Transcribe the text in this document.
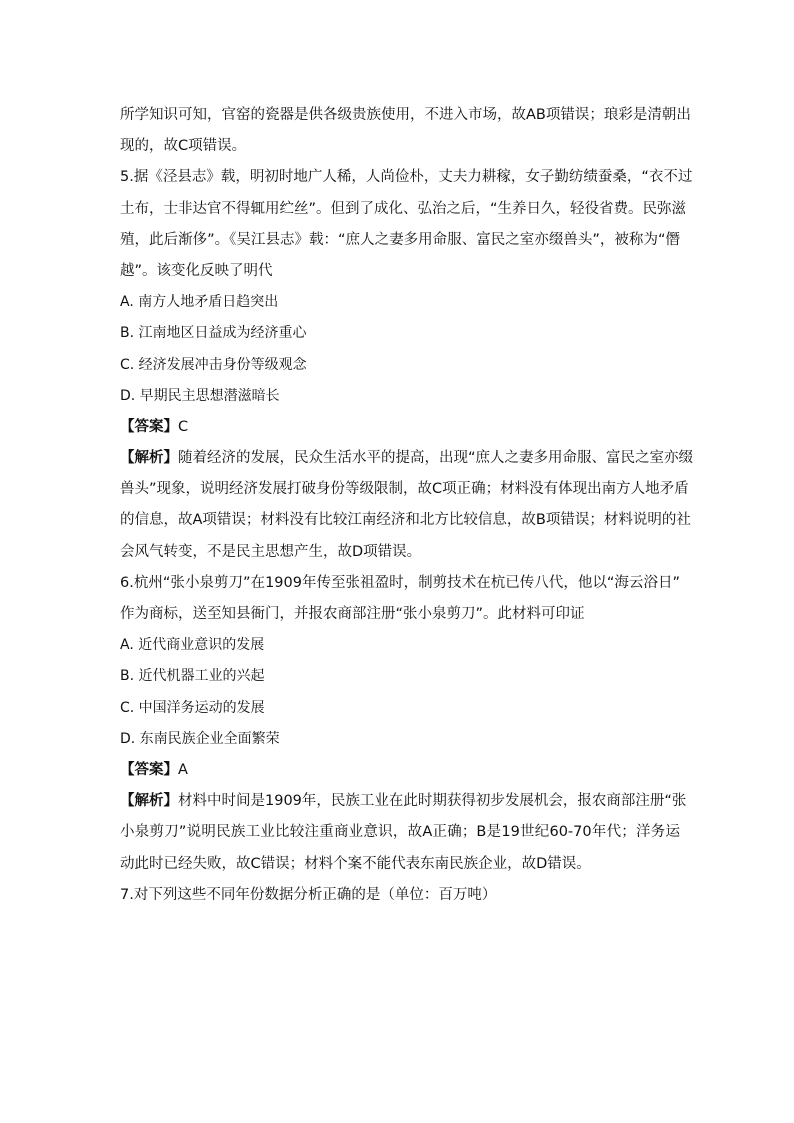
所学知识可知，官窑的瓷器是供各级贵族使用，不进入市场，故AB项错误；琅彩是清朝出
现的，故C项错误。
5.据《泾县志》载，明初时地广人稀，人尚俭朴，丈夫力耕稼，女子勤纺绩蚕桑，“衣不过
土布，士非达官不得辄用纻丝”。但到了成化、弘治之后，“生养日久，轻役省费。民弥滋
殖，此后渐侈”。《吴江县志》载：“庶人之妻多用命服、富民之室亦缀兽头”，被称为“僭
越”。该变化反映了明代
A. 南方人地矛盾日趋突出
B. 江南地区日益成为经济重心
C. 经济发展冲击身份等级观念
D. 早期民主思想潜滋暗长
【答案】C
【解析】随着经济的发展，民众生活水平的提高，出现“庶人之妻多用命服、富民之室亦缀
兽头”现象，说明经济发展打破身份等级限制，故C项正确；材料没有体现出南方人地矛盾
的信息，故A项错误；材料没有比较江南经济和北方比较信息，故B项错误；材料说明的社
会风气转变，不是民主思想产生，故D项错误。
6.杭州“张小泉剪刀”在1909年传至张祖盈时，制剪技术在杭已传八代，他以“海云浴日”
作为商标，送至知县衙门，并报农商部注册“张小泉剪刀”。此材料可印证
A. 近代商业意识的发展
B. 近代机器工业的兴起
C. 中国洋务运动的发展
D. 东南民族企业全面繁荣
【答案】A
【解析】材料中时间是1909年，民族工业在此时期获得初步发展机会，报农商部注册“张
小泉剪刀”说明民族工业比较注重商业意识，故A正确；B是19世纪60-70年代；洋务运
动此时已经失败，故C错误；材料个案不能代表东南民族企业，故D错误。
7.对下列这些不同年份数据分析正确的是（单位：百万吨）
